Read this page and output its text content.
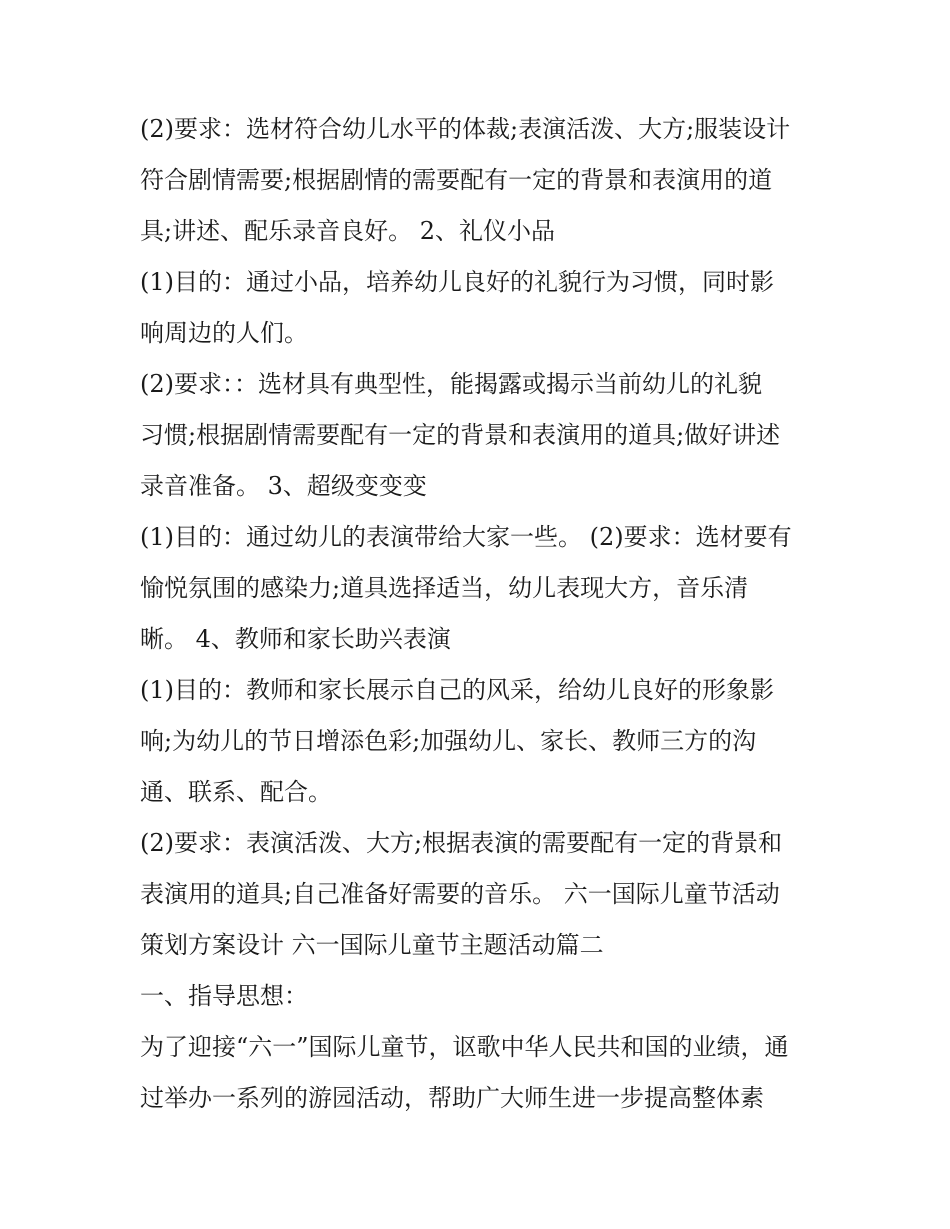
(2)要求：选材符合幼儿水平的体裁;表演活泼、大方;服装设计
符合剧情需要;根据剧情的需要配有一定的背景和表演用的道
具;讲述、配乐录音良好。 2、礼仪小品
(1)目的：通过小品，培养幼儿良好的礼貌行为习惯，同时影
响周边的人们。
(2)要求：：选材具有典型性，能揭露或揭示当前幼儿的礼貌
习惯;根据剧情需要配有一定的背景和表演用的道具;做好讲述
录音准备。 3、超级变变变
(1)目的：通过幼儿的表演带给大家一些。 (2)要求：选材要有
愉悦氛围的感染力;道具选择适当，幼儿表现大方，音乐清
晰。 4、教师和家长助兴表演
(1)目的：教师和家长展示自己的风采，给幼儿良好的形象影
响;为幼儿的节日增添色彩;加强幼儿、家长、教师三方的沟
通、联系、配合。
(2)要求：表演活泼、大方;根据表演的需要配有一定的背景和
表演用的道具;自己准备好需要的音乐。 六一国际儿童节活动
策划方案设计 六一国际儿童节主题活动篇二
一、指导思想：
为了迎接“六一”国际儿童节，讴歌中华人民共和国的业绩，通
过举办一系列的游园活动，帮助广大师生进一步提高整体素
